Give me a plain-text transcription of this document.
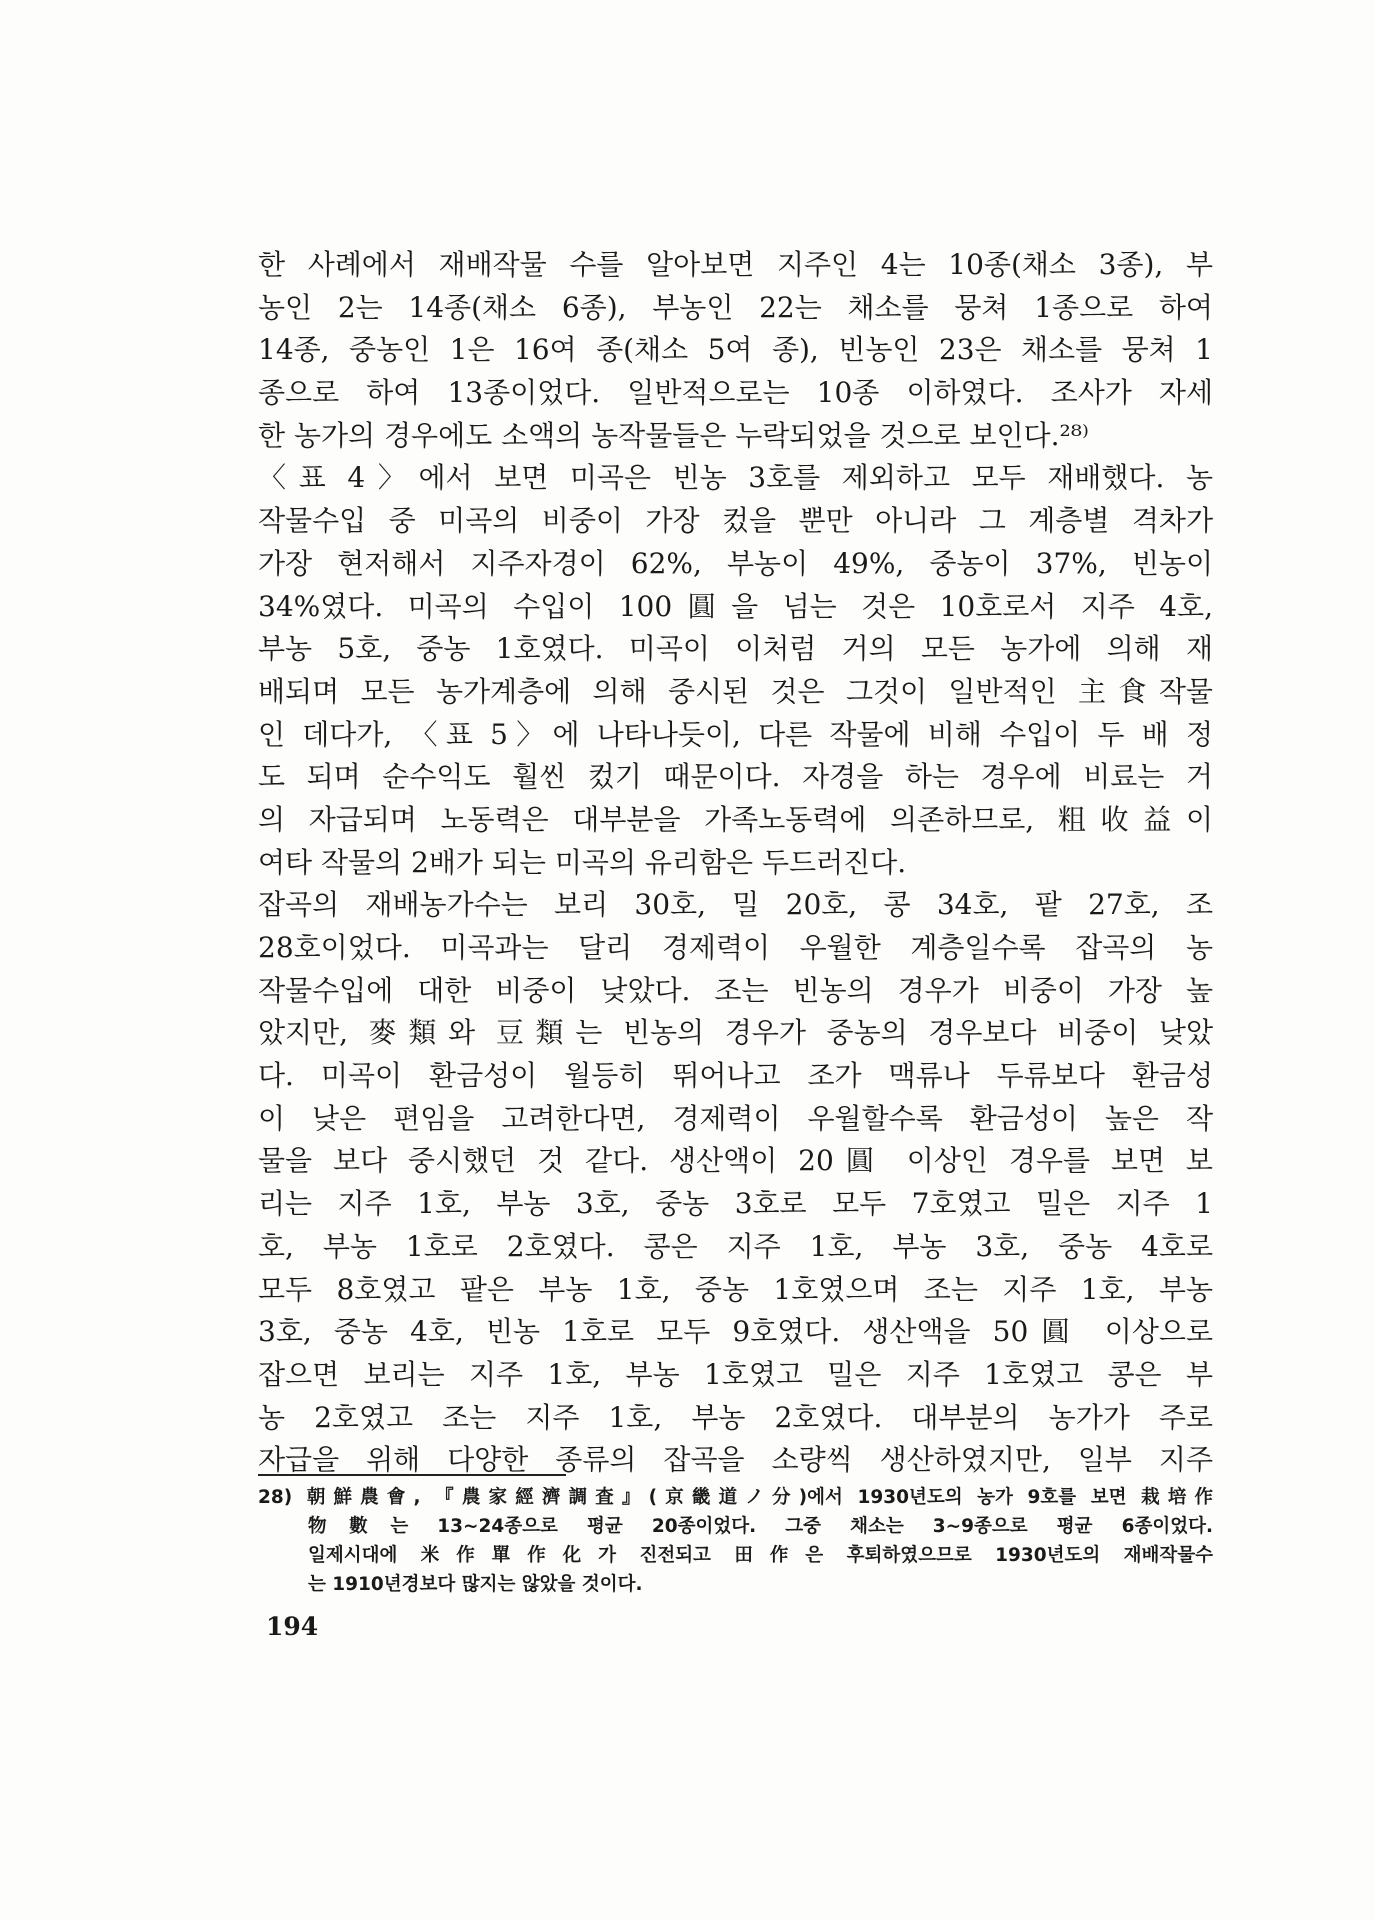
한 사례에서 재배작물 수를 알아보면 지주인 4는 10종(채소 3종), 부
농인 2는 14종(채소 6종), 부농인 22는 채소를 뭉쳐 1종으로 하여
14종, 중농인 1은 16여 종(채소 5여 종), 빈농인 23은 채소를 뭉쳐 1
종으로 하여 13종이었다. 일반적으로는 10종 이하였다. 조사가 자세
한 농가의 경우에도 소액의 농작물들은 누락되었을 것으로 보인다.²⁸⁾
〈표 4〉에서 보면 미곡은 빈농 3호를 제외하고 모두 재배했다. 농
작물수입 중 미곡의 비중이 가장 컸을 뿐만 아니라 그 계층별 격차가
가장 현저해서 지주자경이 62%, 부농이 49%, 중농이 37%, 빈농이
34%였다. 미곡의 수입이 100圓을 넘는 것은 10호로서 지주 4호,
부농 5호, 중농 1호였다. 미곡이 이처럼 거의 모든 농가에 의해 재
배되며 모든 농가계층에 의해 중시된 것은 그것이 일반적인 主食작물
인 데다가, 〈표 5〉에 나타나듯이, 다른 작물에 비해 수입이 두 배 정
도 되며 순수익도 훨씬 컸기 때문이다. 자경을 하는 경우에 비료는 거
의 자급되며 노동력은 대부분을 가족노동력에 의존하므로, 粗收益이
여타 작물의 2배가 되는 미곡의 유리함은 두드러진다.
잡곡의 재배농가수는 보리 30호, 밀 20호, 콩 34호, 팥 27호, 조
28호이었다. 미곡과는 달리 경제력이 우월한 계층일수록 잡곡의 농
작물수입에 대한 비중이 낮았다. 조는 빈농의 경우가 비중이 가장 높
았지만, 麥類와 豆類는 빈농의 경우가 중농의 경우보다 비중이 낮았
다. 미곡이 환금성이 월등히 뛰어나고 조가 맥류나 두류보다 환금성
이 낮은 편임을 고려한다면, 경제력이 우월할수록 환금성이 높은 작
물을 보다 중시했던 것 같다. 생산액이 20圓 이상인 경우를 보면 보
리는 지주 1호, 부농 3호, 중농 3호로 모두 7호였고 밀은 지주 1
호, 부농 1호로 2호였다. 콩은 지주 1호, 부농 3호, 중농 4호로
모두 8호였고 팥은 부농 1호, 중농 1호였으며 조는 지주 1호, 부농
3호, 중농 4호, 빈농 1호로 모두 9호였다. 생산액을 50圓 이상으로
잡으면 보리는 지주 1호, 부농 1호였고 밀은 지주 1호였고 콩은 부
농 2호였고 조는 지주 1호, 부농 2호였다. 대부분의 농가가 주로
자급을 위해 다양한 종류의 잡곡을 소량씩 생산하였지만, 일부 지주
28) 朝鮮農會, 『農家經濟調査』(京畿道ノ分)에서 1930년도의 농가 9호를 보면 栽培作
物數는 13~24종으로 평균 20종이었다. 그중 채소는 3~9종으로 평균 6종이었다.
일제시대에 米作單作化가 진전되고 田作은 후퇴하였으므로 1930년도의 재배작물수
는 1910년경보다 많지는 않았을 것이다.
194
